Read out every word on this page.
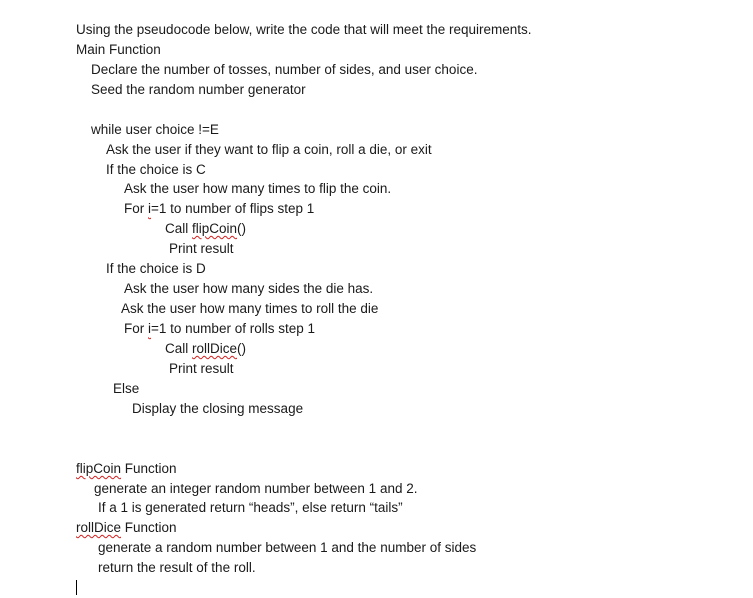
Using the pseudocode below, write the code that will meet the requirements.
Main Function
Declare the number of tosses, number of sides, and user choice.
Seed the random number generator
while user choice !=E
Ask the user if they want to flip a coin, roll a die, or exit
If the choice is C
Ask the user how many times to flip the coin.
For i=1 to number of flips step 1
Call flipCoin()
Print result
If the choice is D
Ask the user how many sides the die has.
Ask the user how many times to roll the die
For i=1 to number of rolls step 1
Call rollDice()
Print result
Else
Display the closing message
flipCoin Function
generate an integer random number between 1 and 2.
If a 1 is generated return “heads”, else return “tails”
rollDice Function
generate a random number between 1 and the number of sides
return the result of the roll.
